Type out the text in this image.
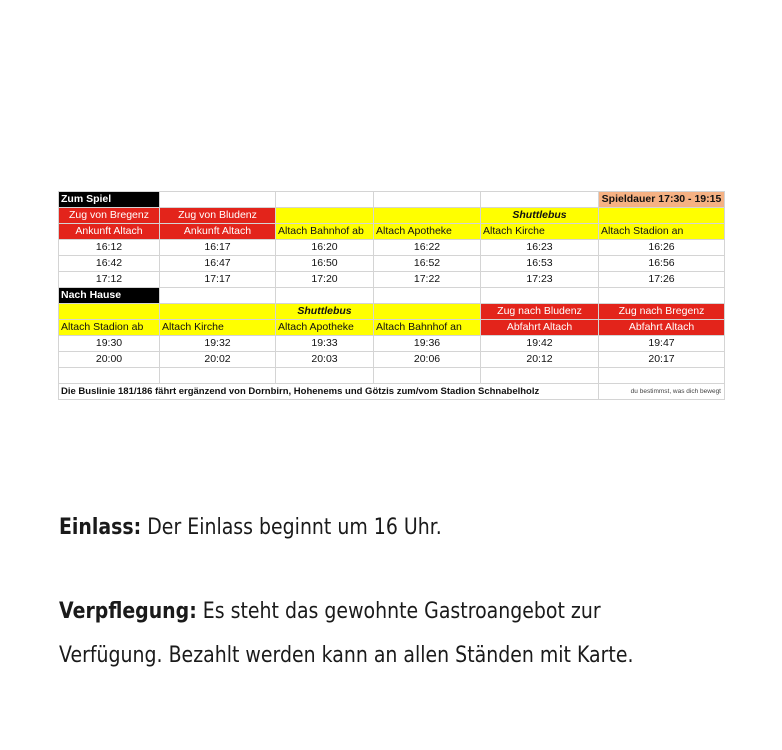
Zum Spiel					Spieldauer 17:30 - 19:15
Zug von Bregenz	Zug von Bludenz			Shuttlebus	
Ankunft Altach	Ankunft Altach	Altach Bahnhof ab	Altach Apotheke	Altach Kirche	Altach Stadion an
16:12	16:17	16:20	16:22	16:23	16:26
16:42	16:47	16:50	16:52	16:53	16:56
17:12	17:17	17:20	17:22	17:23	17:26
Nach Hause					
		Shuttlebus		Zug nach Bludenz	Zug nach Bregenz
Altach Stadion ab	Altach Kirche	Altach Apotheke	Altach Bahnhof an	Abfahrt Altach	Abfahrt Altach
19:30	19:32	19:33	19:36	19:42	19:47
20:00	20:02	20:03	20:06	20:12	20:17

Die Buslinie 181/186 fährt ergänzend von Dornbirn, Hohenems und Götzis zum/vom Stadion Schnabelholz					du bestimmst, was dich bewegt

Einlass: Der Einlass beginnt um 16 Uhr.

Verpflegung: Es steht das gewohnte Gastroangebot zur

Verfügung. Bezahlt werden kann an allen Ständen mit Karte.
